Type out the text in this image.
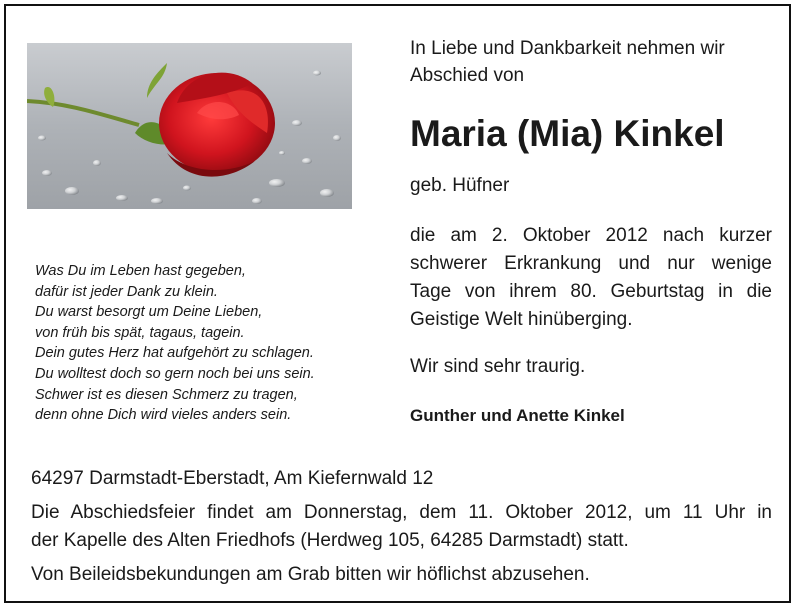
In Liebe und Dankbarkeit nehmen wir
Abschied von
Maria (Mia) Kinkel
geb. Hüfner
die am 2. Oktober 2012 nach kurzer
schwerer Erkrankung und nur wenige
Tage von ihrem 80. Geburtstag in die
Geistige Welt hinüberging.
Wir sind sehr traurig.
Gunther und Anette Kinkel
Was Du im Leben hast gegeben,
dafür ist jeder Dank zu klein.
Du warst besorgt um Deine Lieben,
von früh bis spät, tagaus, tagein.
Dein gutes Herz hat aufgehört zu schlagen.
Du wolltest doch so gern noch bei uns sein.
Schwer ist es diesen Schmerz zu tragen,
denn ohne Dich wird vieles anders sein.
64297 Darmstadt-Eberstadt, Am Kiefernwald 12
Die Abschiedsfeier findet am Donnerstag, dem 11. Oktober 2012, um 11 Uhr in
der Kapelle des Alten Friedhofs (Herdweg 105, 64285 Darmstadt) statt.
Von Beileidsbekundungen am Grab bitten wir höflichst abzusehen.
